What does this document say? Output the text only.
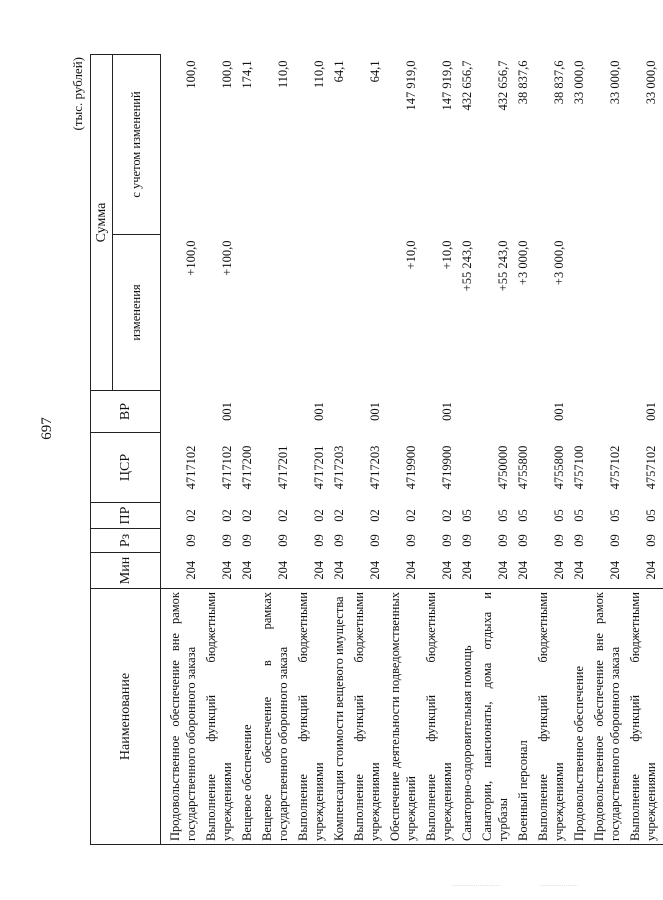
697
(тыс. рублей)
Наименование	Мин	Рз	ПР	ЦСР	ВР	Сумма	
						изменения	с учетом изменений
Продовольственное обеспечение вне рамок государственного оборонного заказа	204	09	02	4717102		+100,0	100,0
Выполнение функций бюджетными учреждениями	204	09	02	4717102	001	+100,0	100,0
Вещевое обеспечение	204	09	02	4717200			174,1
Вещевое обеспечение в рамках государственного оборонного заказа	204	09	02	4717201			110,0
Выполнение функций бюджетными учреждениями	204	09	02	4717201	001		110,0
Компенсация стоимости вещевого имущества	204	09	02	4717203			64,1
Выполнение функций бюджетными учреждениями	204	09	02	4717203	001		64,1
Обеспечение деятельности подведомственных учреждений	204	09	02	4719900		+10,0	147 919,0
Выполнение функций бюджетными учреждениями	204	09	02	4719900	001	+10,0	147 919,0
Санаторно-оздоровительная помощь	204	09	05			+55 243,0	432 656,7
Санатории, пансионаты, дома отдыха и турбазы	204	09	05	4750000		+55 243,0	432 656,7
Военный персонал	204	09	05	4755800		+3 000,0	38 837,6
Выполнение функций бюджетными учреждениями	204	09	05	4755800	001	+3 000,0	38 837,6
Продовольственное обеспечение	204	09	05	4757100			33 000,0
Продовольственное обеспечение вне рамок государственного оборонного заказа	204	09	05	4757102			33 000,0
Выполнение функций бюджетными учреждениями	204	09	05	4757102	001		33 000,0
………………………	…………………
